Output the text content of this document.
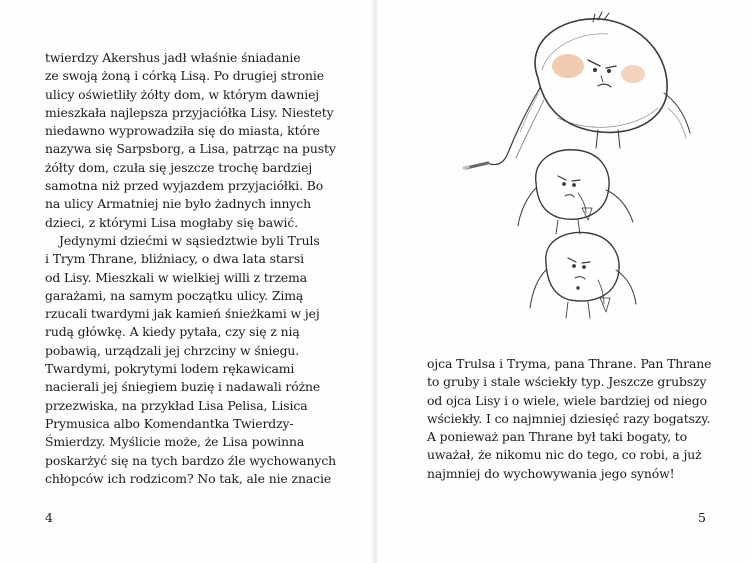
twierdzy Akershus jadł właśnie śniadanie
ze swoją żoną i córką Lisą. Po drugiej stronie
ulicy oświetliły żółty dom, w którym dawniej
mieszkała najlepsza przyjaciółka Lisy. Niestety
niedawno wyprowadziła się do miasta, które
nazywa się Sarpsborg, a Lisa, patrząc na pusty
żółty dom, czuła się jeszcze trochę bardziej
samotna niż przed wyjazdem przyjaciółki. Bo
na ulicy Armatniej nie było żadnych innych
dzieci, z którymi Lisa mogłaby się bawić.
Jedynymi dziećmi w sąsiedztwie byli Truls
i Trym Thrane, bliźniacy, o dwa lata starsi
od Lisy. Mieszkali w wielkiej willi z trzema
garażami, na samym początku ulicy. Zimą
rzucali twardymi jak kamień śnieżkami w jej
rudą główkę. A kiedy pytała, czy się z nią
pobawią, urządzali jej chrzciny w śniegu.
Twardymi, pokrytymi lodem rękawicami
nacierali jej śniegiem buzię i nadawali różne
przezwiska, na przykład Lisa Pelisa, Lisica
Prymusica albo Komendantka Twierdzy-
Śmierdzy. Myślicie może, że Lisa powinna
poskarżyć się na tych bardzo źle wychowanych
chłopców ich rodzicom? No tak, ale nie znacie
4
ojca Trulsa i Tryma, pana Thrane. Pan Thrane
to gruby i stale wściekły typ. Jeszcze grubszy
od ojca Lisy i o wiele, wiele bardziej od niego
wściekły. I co najmniej dziesięć razy bogatszy.
A ponieważ pan Thrane był taki bogaty, to
uważał, że nikomu nic do tego, co robi, a już
najmniej do wychowywania jego synów!
5
